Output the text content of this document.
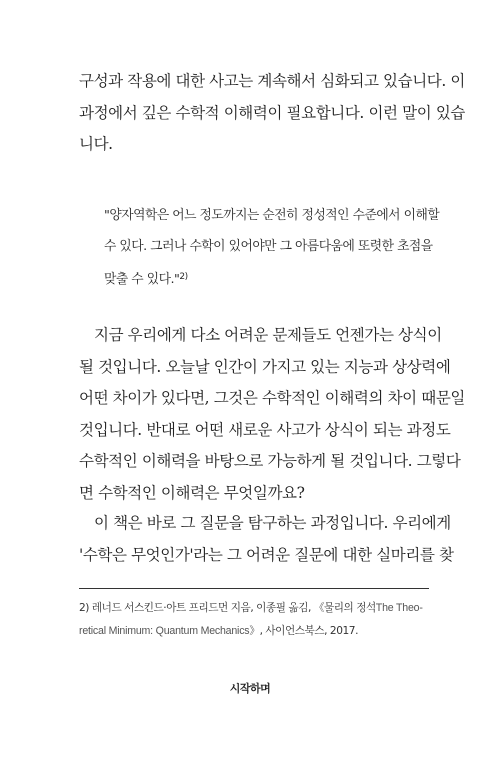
구성과 작용에 대한 사고는 계속해서 심화되고 있습니다. 이
과정에서 깊은 수학적 이해력이 필요합니다. 이런 말이 있습
니다.

"양자역학은 어느 정도까지는 순전히 정성적인 수준에서 이해할
수 있다. 그러나 수학이 있어야만 그 아름다움에 또렷한 초점을
맞출 수 있다."$^{2)}$

지금 우리에게 다소 어려운 문제들도 언젠가는 상식이
될 것입니다. 오늘날 인간이 가지고 있는 지능과 상상력에
어떤 차이가 있다면, 그것은 수학적인 이해력의 차이 때문일
것입니다. 반대로 어떤 새로운 사고가 상식이 되는 과정도
수학적인 이해력을 바탕으로 가능하게 될 것입니다. 그렇다
면 수학적인 이해력은 무엇일까요?

이 책은 바로 그 질문을 탐구하는 과정입니다. 우리에게
'수학은 무엇인가'라는 그 어려운 질문에 대한 실마리를 찾

2) 레너드 서스킨드·아트 프리드먼 지음, 이종필 옮김, 《물리의 정석The Theo-
retical Minimum: Quantum Mechanics》, 사이언스북스, 2017.
시작하며
